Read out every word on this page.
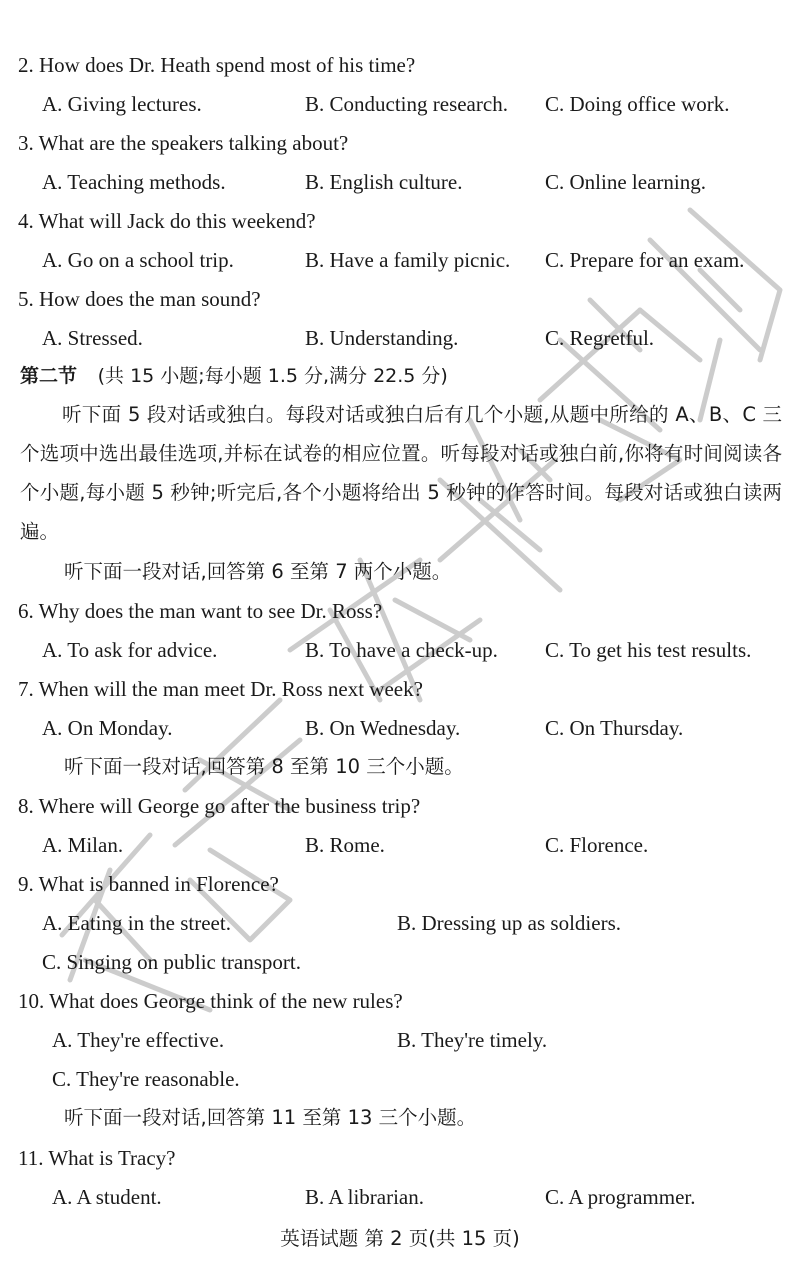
2. How does Dr. Heath spend most of his time?
A. Giving lectures.	B. Conducting research. C. Doing office work.
3. What are the speakers talking about?
A. Teaching methods.	B. English culture.	C. Online learning.
4. What will Jack do this weekend?
A. Go on a school trip.	B. Have a family picnic. C. Prepare for an exam.
5. How does the man sound?
A. Stressed.	B. Understanding.	C. Regretful.
第二节 (共 15 小题;每小题 1.5 分,满分 22.5 分)
听下面 5 段对话或独白。每段对话或独白后有几个小题,从题中所给的 A、B、C 三个选项中选出最佳选项,并标在试卷的相应位置。听每段对话或独白前,你将有时间阅读各个小题,每小题 5 秒钟;听完后,各个小题将给出 5 秒钟的作答时间。每段对话或独白读两遍。
听下面一段对话,回答第 6 至第 7 两个小题。
6. Why does the man want to see Dr. Ross?
A. To ask for advice.	B. To have a check-up. C. To get his test results.
7. When will the man meet Dr. Ross next week?
A. On Monday.	B. On Wednesday.	C. On Thursday.
听下面一段对话,回答第 8 至第 10 三个小题。
8. Where will George go after the business trip?
A. Milan.	B. Rome.	C. Florence.
9. What is banned in Florence?
A. Eating in the street.	B. Dressing up as soldiers.
C. Singing on public transport.
10. What does George think of the new rules?
A. They're effective.	B. They're timely.
C. They're reasonable.
听下面一段对话,回答第 11 至第 13 三个小题。
11. What is Tracy?
A. A student.	B. A librarian.	C. A programmer.
英语试题 第 2 页(共 15 页)
